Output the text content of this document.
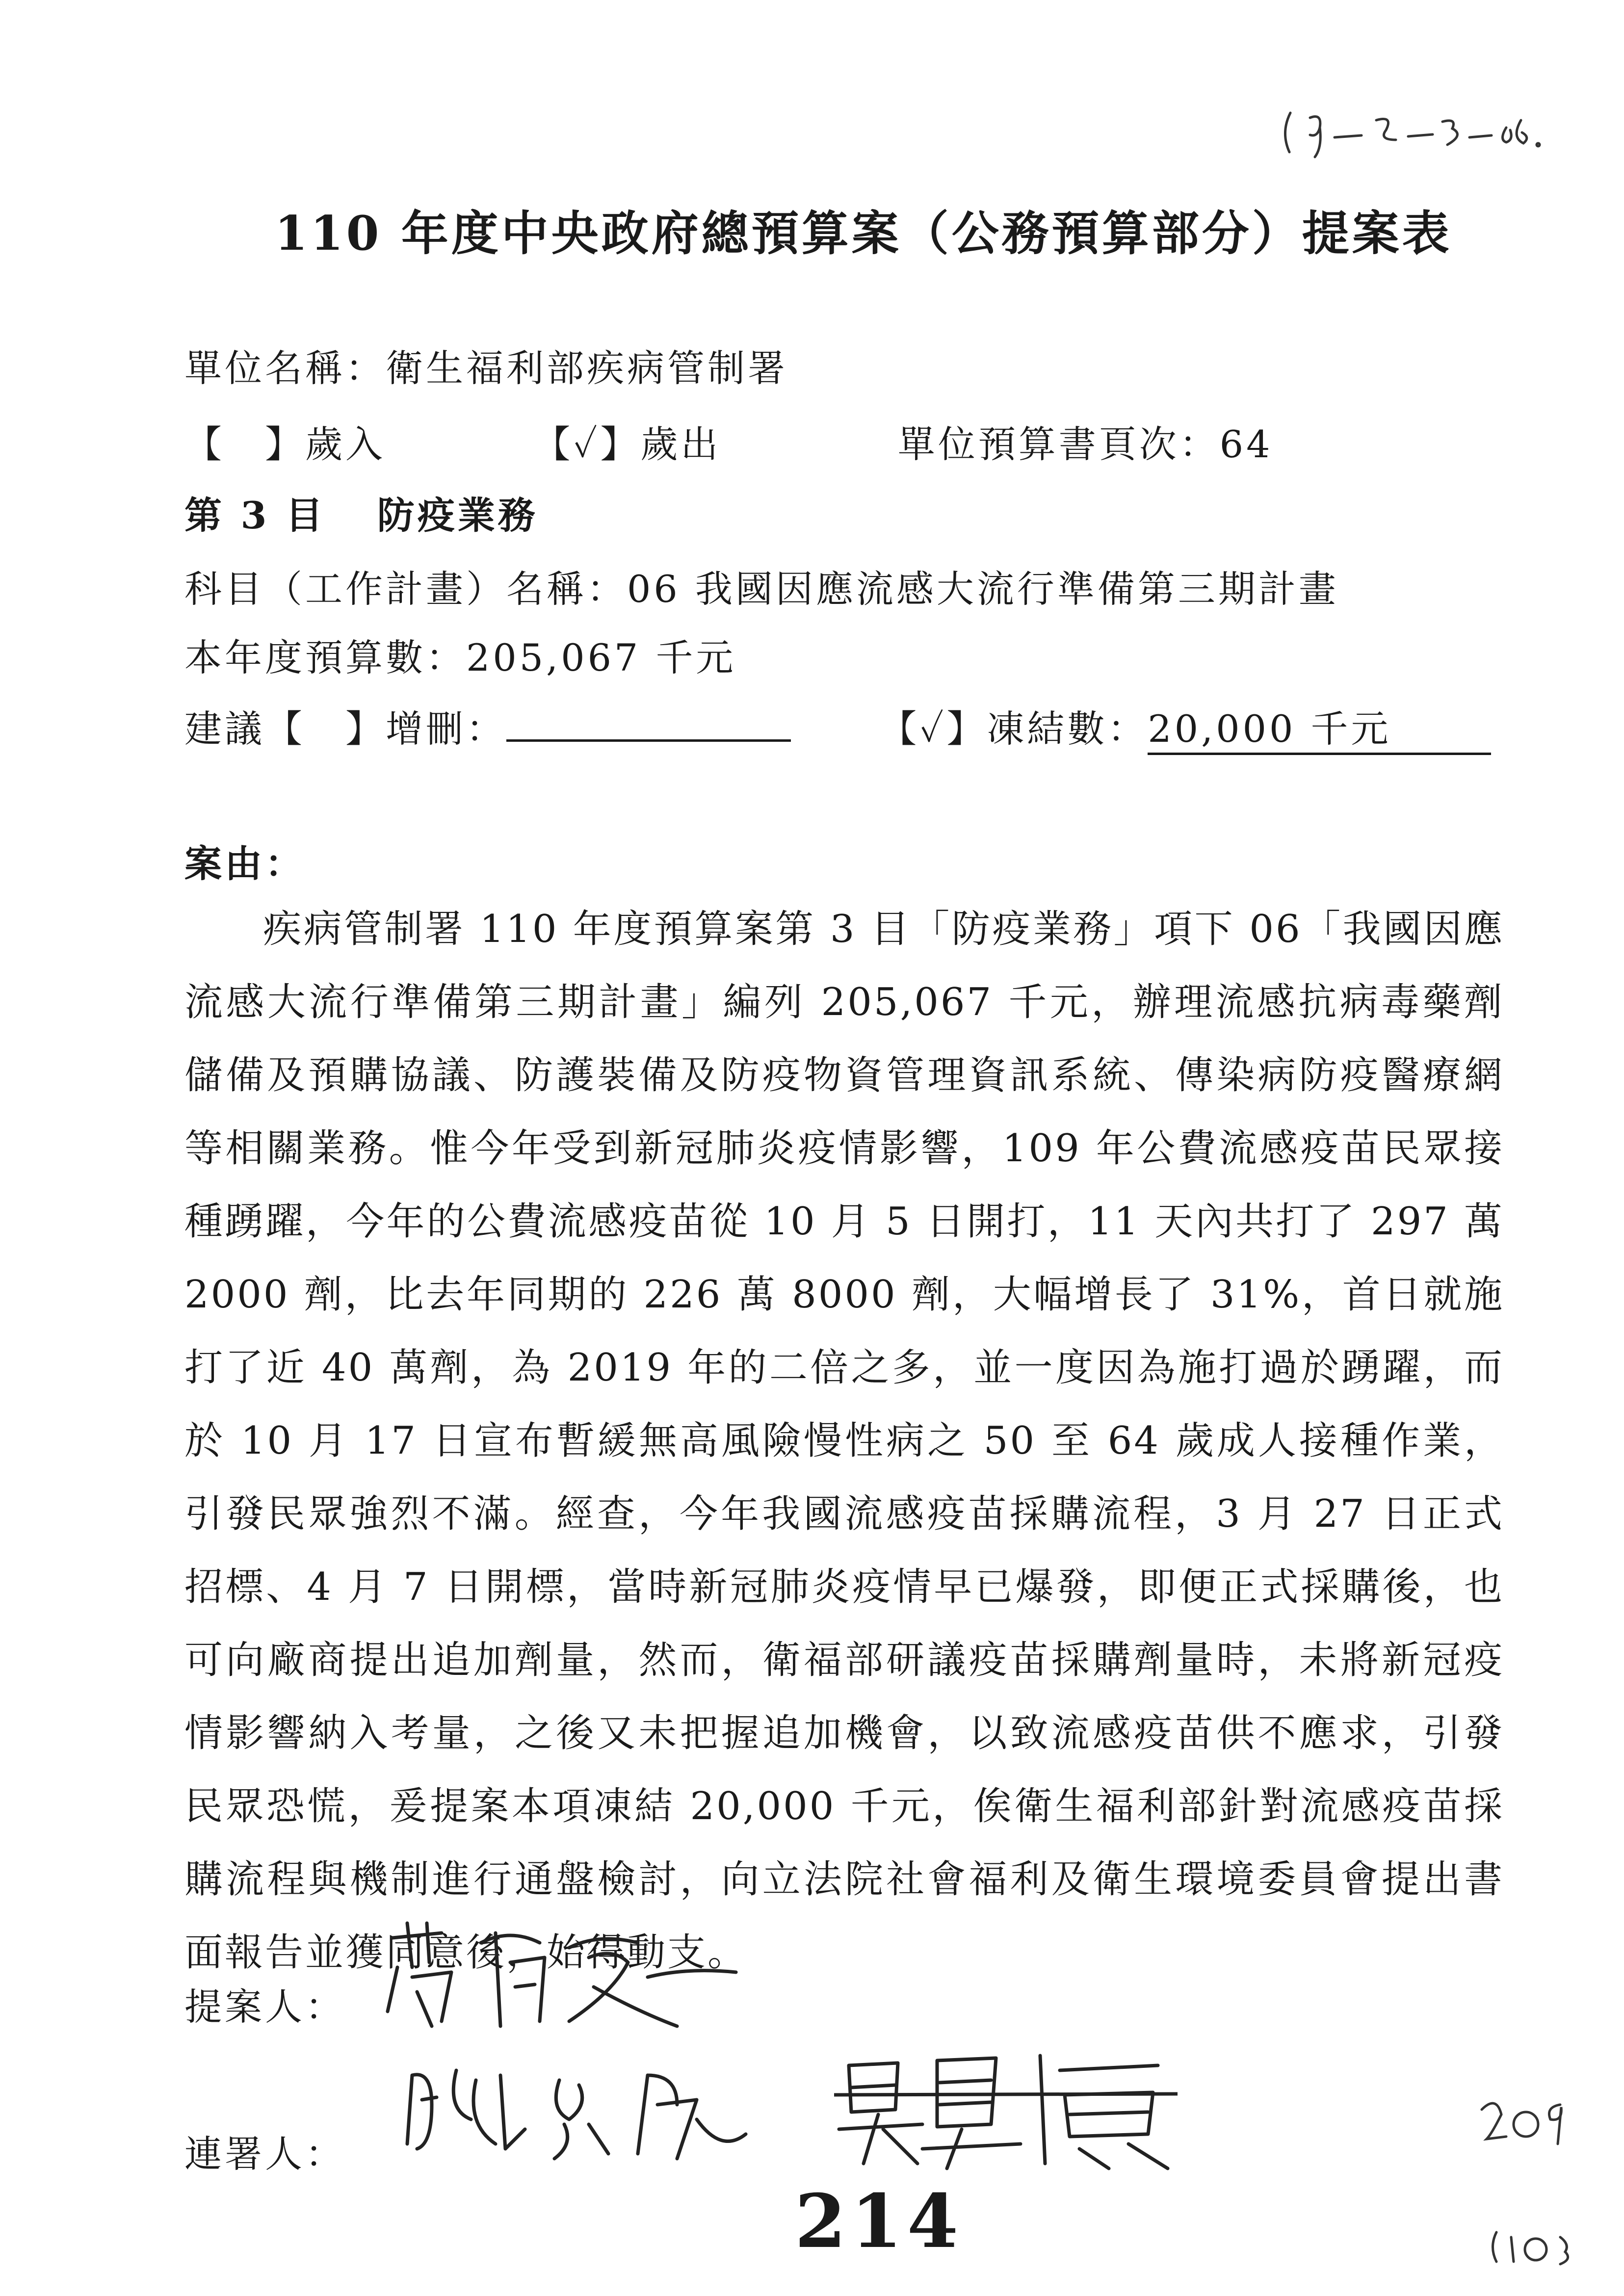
110 年度中央政府總預算案（公務預算部分）提案表
單位名稱：衛生福利部疾病管制署
【　】歲入	【✓】歲出	單位預算書頁次：64
第 3 目 防疫業務
科目（工作計畫）名稱：06 我國因應流感大流行準備第三期計畫
本年度預算數：205,067 千元
建議【　】增刪：	【✓】凍結數：20,000 千元
案由：
疾病管制署 110 年度預算案第 3 目「防疫業務」項下 06「我國因應流感大流行準備第三期計畫」編列 205,067 千元，辦理流感抗病毒藥劑儲備及預購協議、防護裝備及防疫物資管理資訊系統、傳染病防疫醫療網等相關業務。惟今年受到新冠肺炎疫情影響，109 年公費流感疫苗民眾接種踴躍，今年的公費流感疫苗從 10 月 5 日開打，11 天內共打了 297 萬 2000 劑，比去年同期的 226 萬 8000 劑，大幅增長了 31%，首日就施打了近 40 萬劑，為 2019 年的二倍之多，並一度因為施打過於踴躍，而於 10 月 17 日宣布暫緩無高風險慢性病之 50 至 64 歲成人接種作業，引發民眾強烈不滿。經查，今年我國流感疫苗採購流程，3 月 27 日正式招標、4 月 7 日開標，當時新冠肺炎疫情早已爆發，即便正式採購後，也可向廠商提出追加劑量，然而，衛福部研議疫苗採購劑量時，未將新冠疫情影響納入考量，之後又未把握追加機會，以致流感疫苗供不應求，引發民眾恐慌，爰提案本項凍結 20,000 千元，俟衛生福利部針對流感疫苗採購流程與機制進行通盤檢討，向立法院社會福利及衛生環境委員會提出書面報告並獲同意後，始得動支。
提案人：
連署人：
214
